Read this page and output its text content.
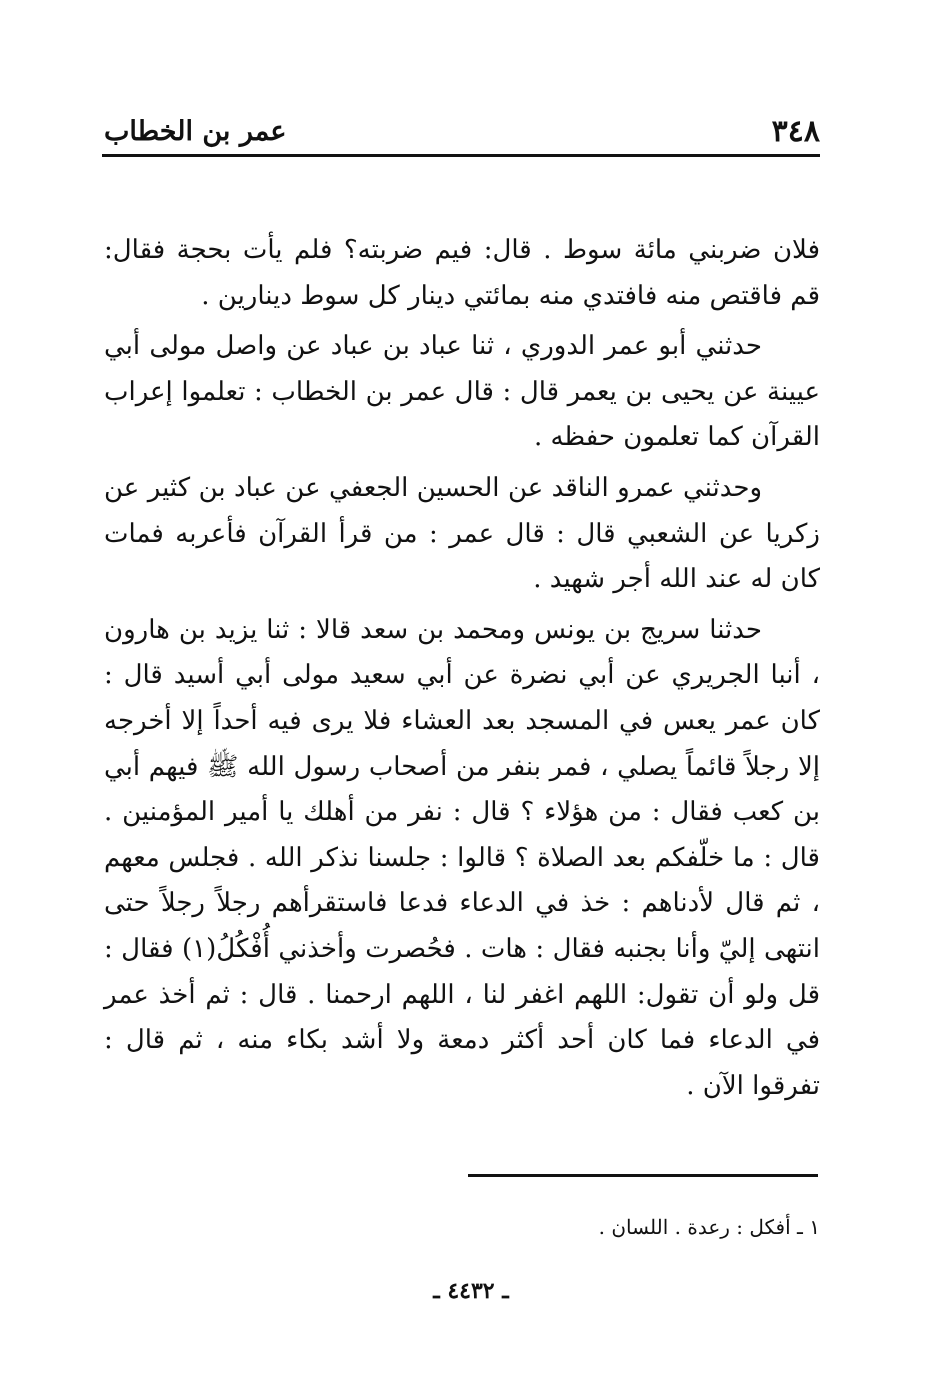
٣٤٨
عمر بن الخطاب

فلان ضربني مائة سوط . قال: فيم ضربته؟ فلم يأت بحجة فقال: قم فاقتص منه فافتدي منه بمائتي دينار كل سوط دينارين .

حدثني أبو عمر الدوري ، ثنا عباد بن عباد عن واصل مولى أبي عيينة عن يحيى بن يعمر قال : قال عمر بن الخطاب : تعلموا إعراب القرآن كما تعلمون حفظه .

وحدثني عمرو الناقد عن الحسين الجعفي عن عباد بن كثير عن زكريا عن الشعبي قال : قال عمر : من قرأ القرآن فأعربه فمات كان له عند الله أجر شهيد .

حدثنا سريج بن يونس ومحمد بن سعد قالا : ثنا يزيد بن هارون ، أنبا الجريري عن أبي نضرة عن أبي سعيد مولى أبي أسيد قال : كان عمر يعس في المسجد بعد العشاء فلا يرى فيه أحداً إلا أخرجه إلا رجلاً قائماً يصلي ، فمر بنفر من أصحاب رسول الله ﷺ فيهم أبي بن كعب فقال : من هؤلاء ؟ قال : نفر من أهلك يا أمير المؤمنين . قال : ما خلّفكم بعد الصلاة ؟ قالوا : جلسنا نذكر الله . فجلس معهم ، ثم قال لأدناهم : خذ في الدعاء فدعا فاستقرأهم رجلاً رجلاً حتى انتهى إليّ وأنا بجنبه فقال : هات . فحُصرت وأخذني أُفْكُلُ(١) فقال : قل ولو أن تقول: اللهم اغفر لنا ، اللهم ارحمنا . قال : ثم أخذ عمر في الدعاء فما كان أحد أكثر دمعة ولا أشد بكاء منه ، ثم قال : تفرقوا الآن .

١ ـ أفكل : رعدة . اللسان .
ـ ٤٤٣٢ ـ
